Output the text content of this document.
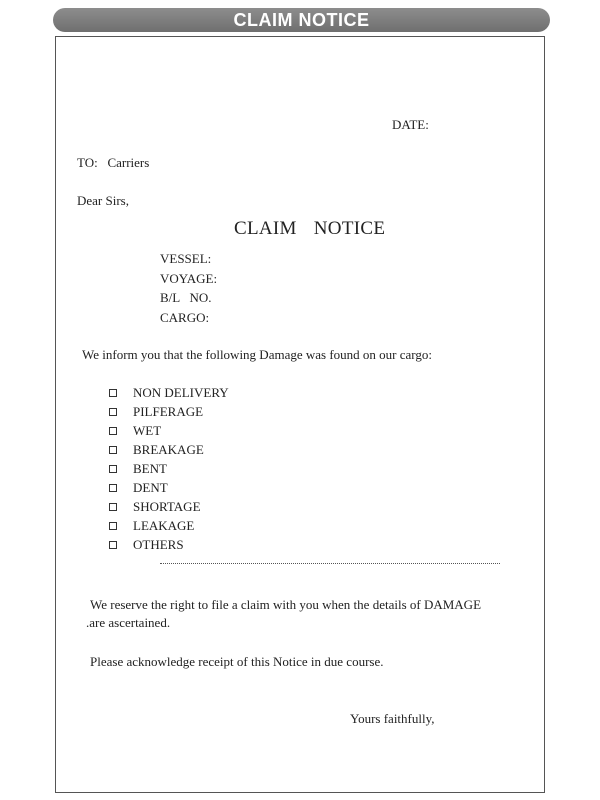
CLAIM NOTICE
DATE:
TO:   Carriers
Dear Sirs,
CLAIM NOTICE
VESSEL:
VOYAGE:
B/L   NO.
CARGO:
We inform you that the following Damage was found on our cargo:
NON DELIVERY
PILFERAGE
WET
BREAKAGE
BENT
DENT
SHORTAGE
LEAKAGE
OTHERS
We reserve the right to file a claim with you when the details of DAMAGE
.are ascertained.
Please acknowledge receipt of this Notice in due course.
Yours faithfully,
